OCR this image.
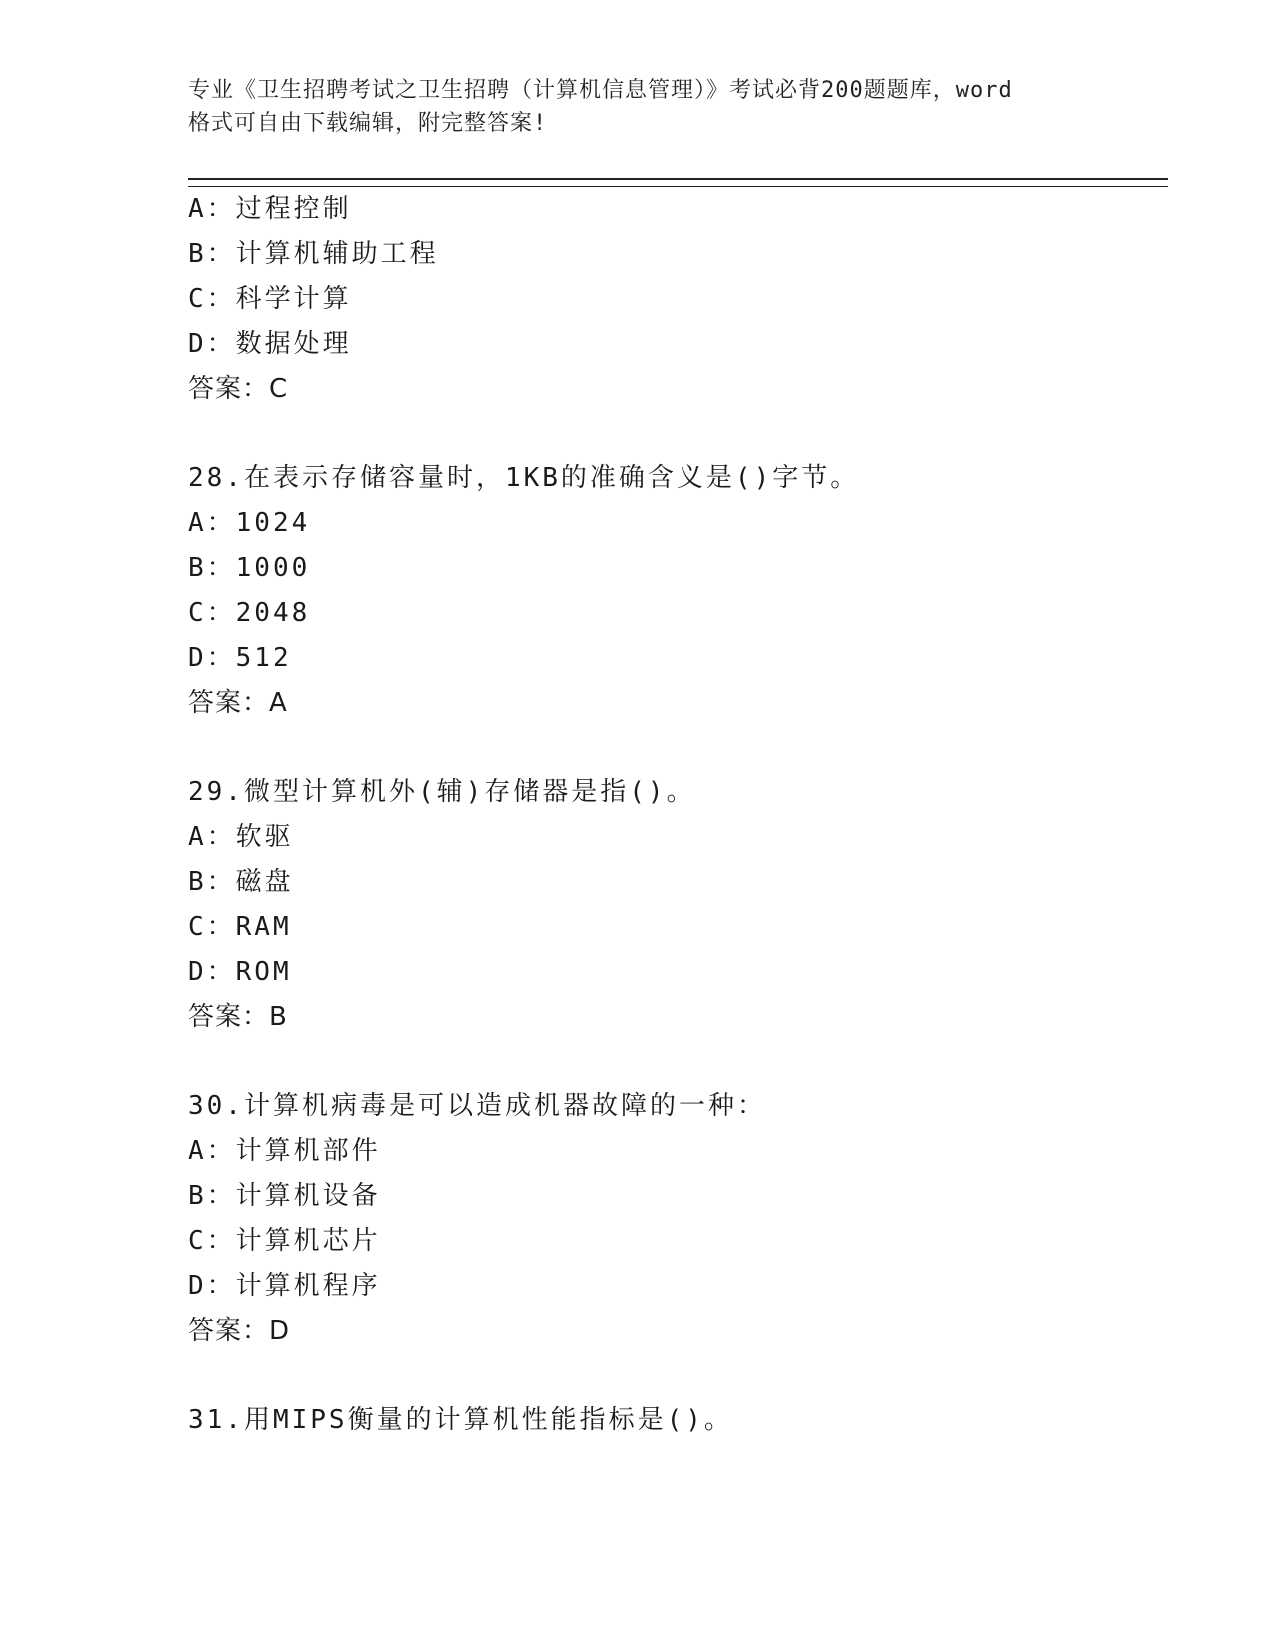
专业《卫生招聘考试之卫生招聘（计算机信息管理）》考试必背200题题库，word
格式可自由下载编辑，附完整答案!
A：过程控制
B：计算机辅助工程
C：科学计算
D：数据处理
答案：C
28.在表示存储容量时，1KB的准确含义是()字节。
A：1024
B：1000
C：2048
D：512
答案：A
29.微型计算机外(辅)存储器是指()。
A：软驱
B：磁盘
C：RAM
D：ROM
答案：B
30.计算机病毒是可以造成机器故障的一种：
A：计算机部件
B：计算机设备
C：计算机芯片
D：计算机程序
答案：D
31.用MIPS衡量的计算机性能指标是()。
